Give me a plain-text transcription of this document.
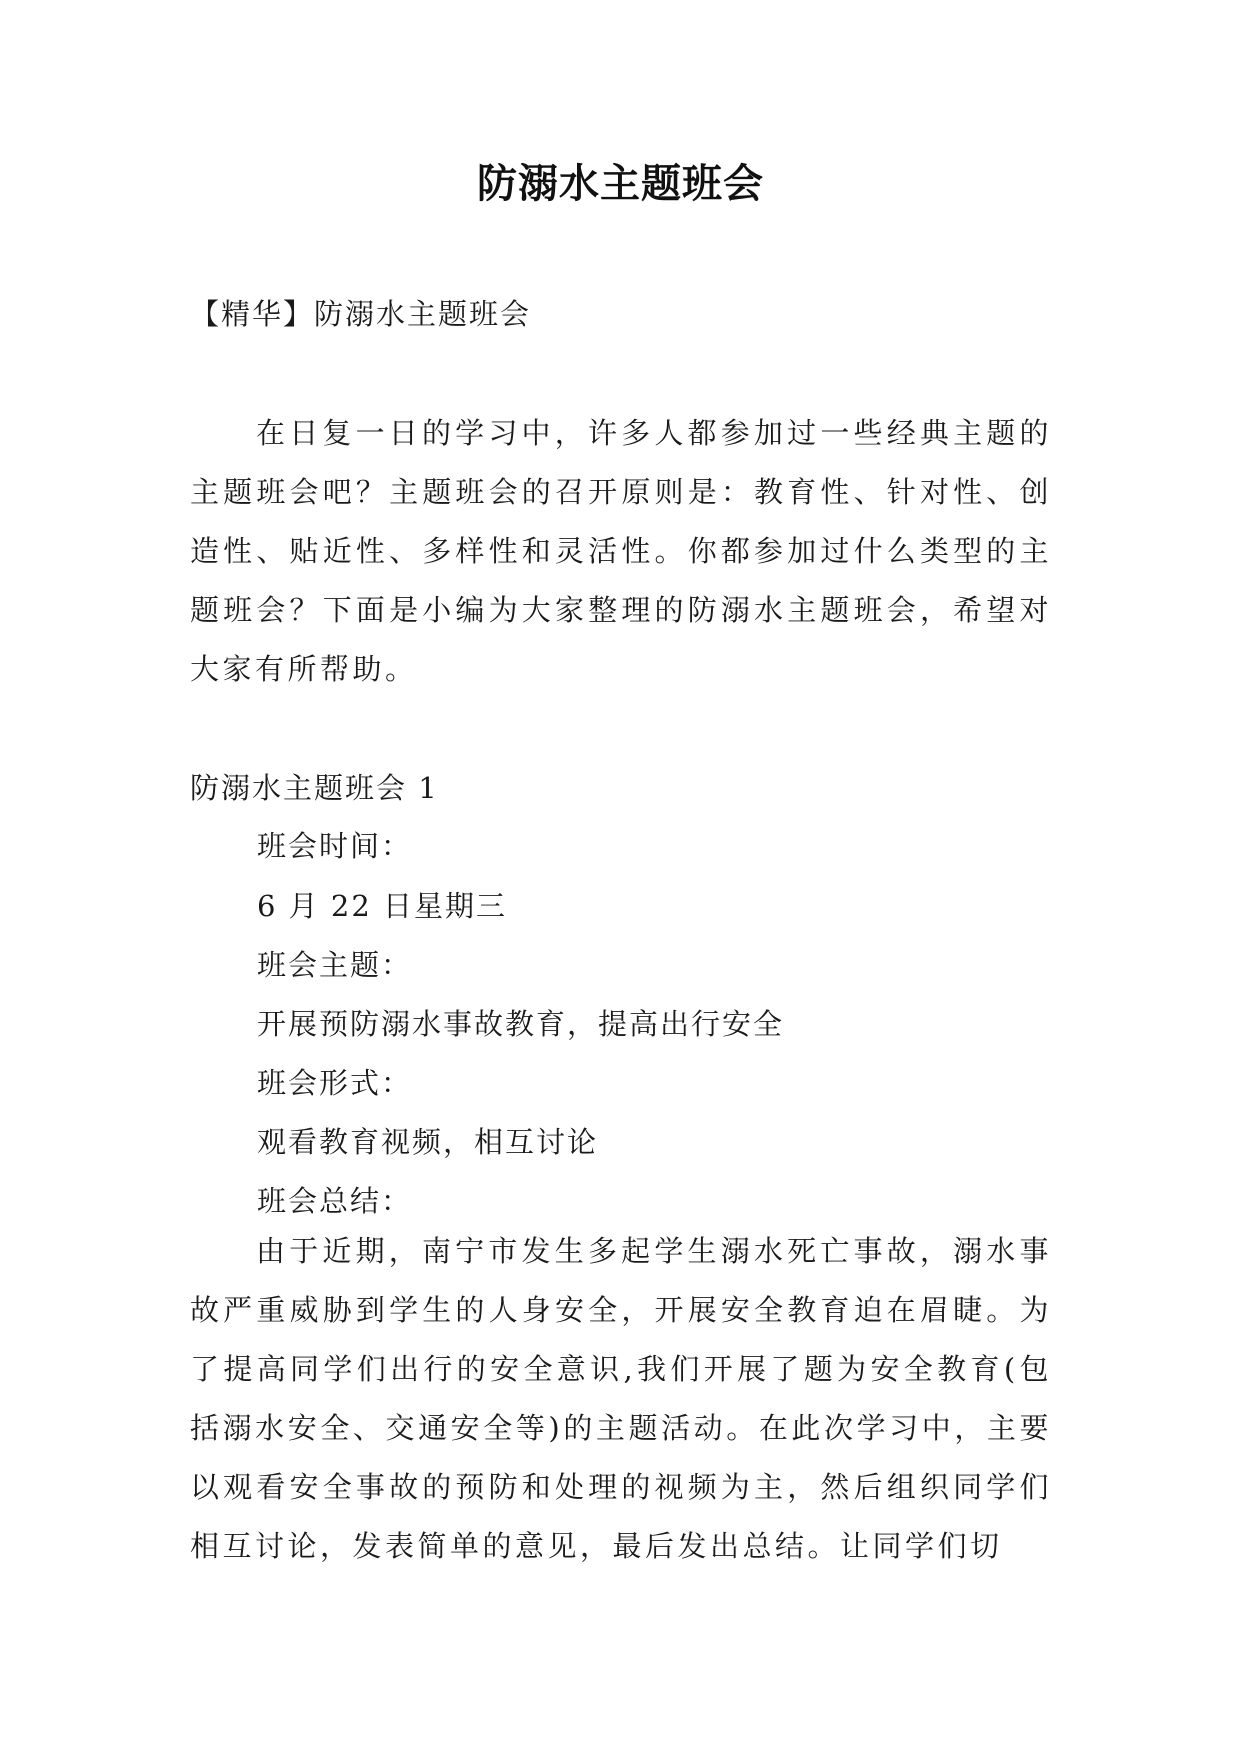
防溺水主题班会
【精华】防溺水主题班会

在日复一日的学习中，许多人都参加过一些经典主题的主题班会吧？主题班会的召开原则是：教育性、针对性、创造性、贴近性、多样性和灵活性。你都参加过什么类型的主题班会？下面是小编为大家整理的防溺水主题班会，希望对大家有所帮助。

防溺水主题班会 1
班会时间：
6 月 22 日星期三
班会主题：
开展预防溺水事故教育，提高出行安全
班会形式：
观看教育视频，相互讨论
班会总结：

由于近期，南宁市发生多起学生溺水死亡事故，溺水事故严重威胁到学生的人身安全，开展安全教育迫在眉睫。为了提高同学们出行的安全意识,我们开展了题为安全教育(包括溺水安全、交通安全等)的主题活动。在此次学习中，主要以观看安全事故的预防和处理的视频为主，然后组织同学们相互讨论，发表简单的意见，最后发出总结。让同学们切
